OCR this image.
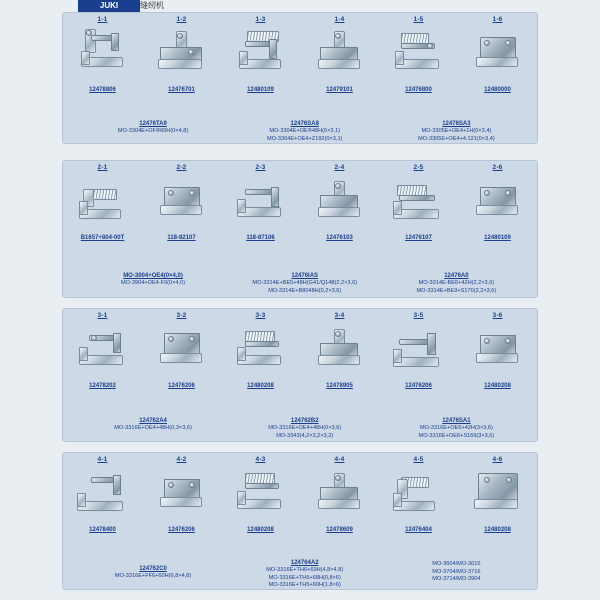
JUKI	缝纫机
1-1
12478806
1-2
12476701
1-3
12480109
1-4
12479101
1-5
12476800
1-6
12480000
12476TA9
MO-3304E+OF®60H(0×4,8)
12476SA8
MO-3304E+OE®48H(6×3,1)
MO-3304E+OE4+Z192(0×3,1)
12476SA3
MO-3305E+OE4+1H(0×3,4)
MO-3305E+OE4+4.121(0×3,4)
2-1
B1657+804-00T
2-2
118-82107
2-3
118-87106
2-4
12476103
2-5
12476107
2-6
12480109
MO-3004+OE4(0×4,0)
MO-3904+OE4-F0(0×4,0)
12476IAS
MO-3314E+BE5+48H(G41/Q148(2,2×3,6)
MO-3314E+B8048H(0,2×3,6)
12476A0
MO-3314E-BE6+42H(2,2×3,6)
MO-3314E+BE9+S170(2,2×3,6)
3-1
12478202
3-2
12476206
3-3
12480208
3-4
12478905
3-5
12476206
3-6
12480208
124762A4
MO-3316E+OE4+48H(0,3×3,6)
124762B2
MO-3316E+OE4+48H(0×3,6)
MO-3343(4,2×3,2×3,2)
12476SA1
MO-3316E+OE6+42H(3×3,6)
MO-3316E+OE6+S169(3×3,6)
4-1
12478400
4-2
12476206
4-3
12480208
4-4
12478609
4-5
12476404
4-6
12480208
124762C0
MO-3316E+FF6+60H(6,8×4,8)
124764A2
MO-3316E+TH6+69H(4,8×4,8)
MO-3316E+TH5+68H(0,8×6)
MO-3316E+TH5+60H(1,8×6)
MO-3604/MO-3616
MO-3704/MO-3716
MO-3714/MO-3904
